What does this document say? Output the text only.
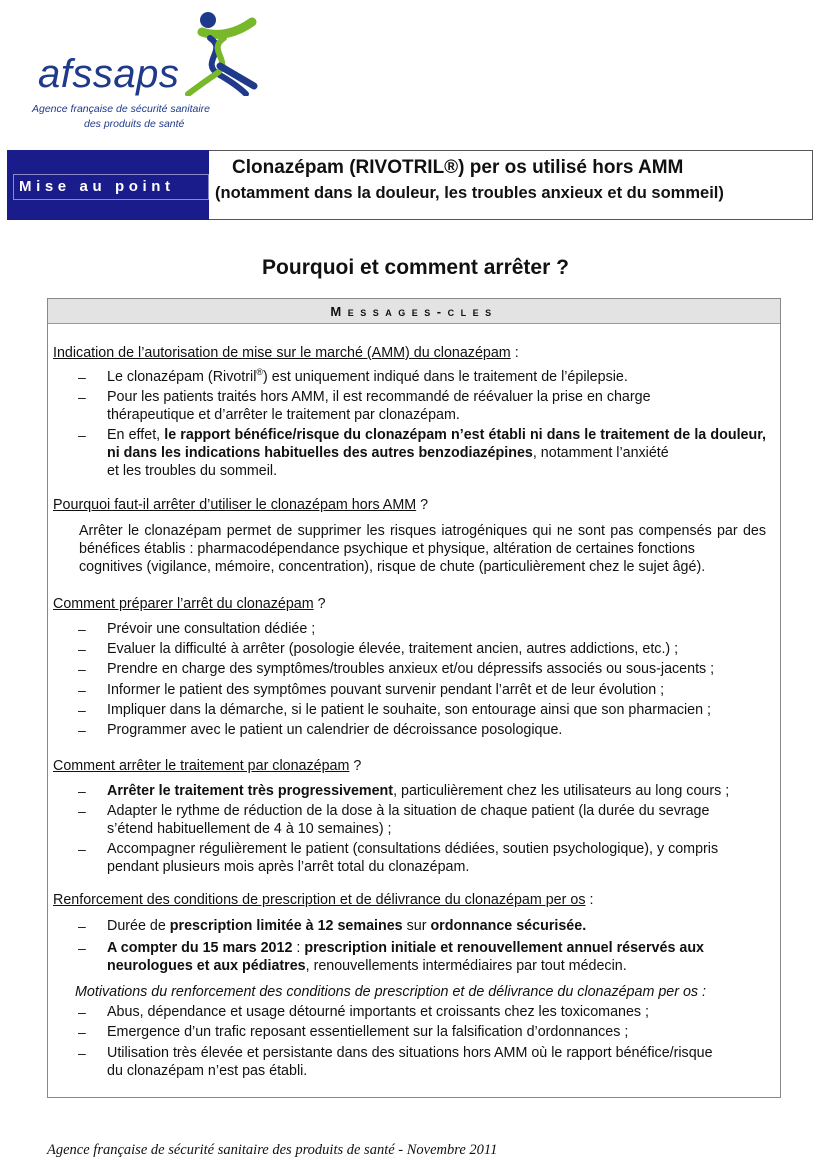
afssaps
Agence française de sécurité sanitaire
des produits de santé
Mise au point
Clonazépam (RIVOTRIL®) per os utilisé hors AMM
(notamment dans la douleur, les troubles anxieux et du sommeil)
Pourquoi et comment arrêter ?
Messages-cles
Indication de l’autorisation de mise sur le marché (AMM) du clonazépam :
– Le clonazépam (Rivotril®) est uniquement indiqué dans le traitement de l’épilepsie.
– Pour les patients traités hors AMM, il est recommandé de réévaluer la prise en charge
thérapeutique et d’arrêter le traitement par clonazépam.
– En effet, le rapport bénéfice/risque du clonazépam n’est établi ni dans le traitement de la douleur, ni dans les indications habituelles des autres benzodiazépines, notamment l’anxiété
et les troubles du sommeil.
Pourquoi faut-il arrêter d’utiliser le clonazépam hors AMM ?
Arrêter le clonazépam permet de supprimer les risques iatrogéniques qui ne sont pas compensés par des bénéfices établis : pharmacodépendance psychique et physique, altération de certaines fonctions
cognitives (vigilance, mémoire, concentration), risque de chute (particulièrement chez le sujet âgé).
Comment préparer l’arrêt du clonazépam ?
– Prévoir une consultation dédiée ;
– Evaluer la difficulté à arrêter (posologie élevée, traitement ancien, autres addictions, etc.) ;
– Prendre en charge des symptômes/troubles anxieux et/ou dépressifs associés ou sous-jacents ;
– Informer le patient des symptômes pouvant survenir pendant l’arrêt et de leur évolution ;
– Impliquer dans la démarche, si le patient le souhaite, son entourage ainsi que son pharmacien ;
– Programmer avec le patient un calendrier de décroissance posologique.
Comment arrêter le traitement par clonazépam ?
– Arrêter le traitement très progressivement, particulièrement chez les utilisateurs au long cours ;
– Adapter le rythme de réduction de la dose à la situation de chaque patient (la durée du sevrage
s’étend habituellement de 4 à 10 semaines) ;
– Accompagner régulièrement le patient (consultations dédiées, soutien psychologique), y compris
pendant plusieurs mois après l’arrêt total du clonazépam.
Renforcement des conditions de prescription et de délivrance du clonazépam per os :
– Durée de prescription limitée à 12 semaines sur ordonnance sécurisée.
– A compter du 15 mars 2012 : prescription initiale et renouvellement annuel réservés aux
neurologues et aux pédiatres, renouvellements intermédiaires par tout médecin.
Motivations du renforcement des conditions de prescription et de délivrance du clonazépam per os :
– Abus, dépendance et usage détourné importants et croissants chez les toxicomanes ;
– Emergence d’un trafic reposant essentiellement sur la falsification d’ordonnances ;
– Utilisation très élevée et persistante dans des situations hors AMM où le rapport bénéfice/risque
du clonazépam n’est pas établi.
Agence française de sécurité sanitaire des produits de santé - Novembre 2011
